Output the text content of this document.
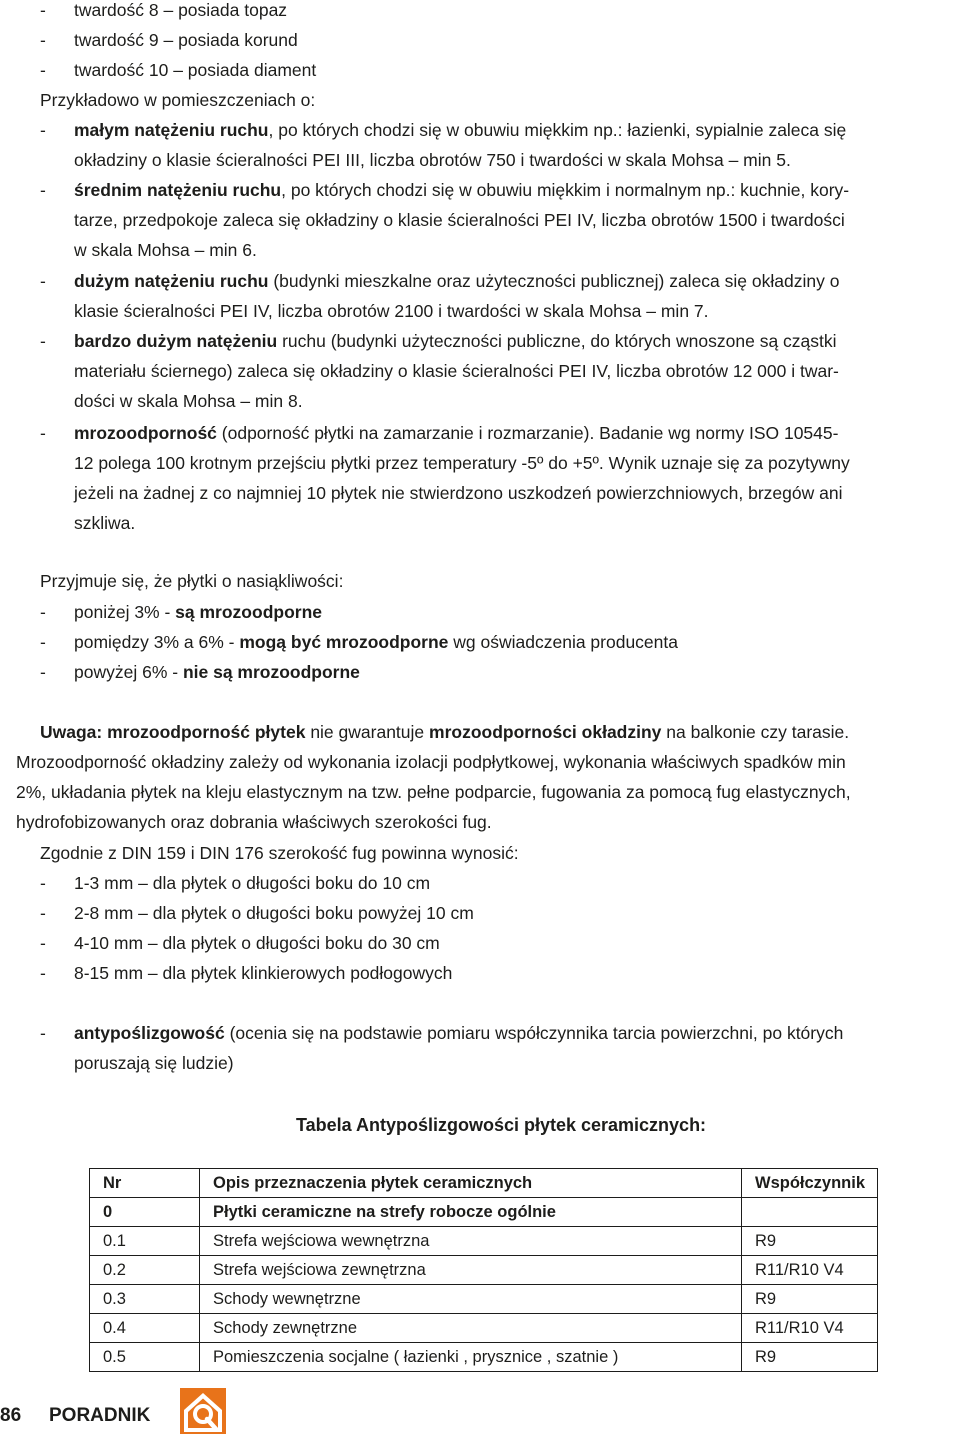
- twardość 8 – posiada topaz
- twardość 9 – posiada korund
- twardość 10 – posiada diament
Przykładowo w pomieszczeniach o:
- małym natężeniu ruchu, po których chodzi się w obuwiu miękkim np.: łazienki, sypialnie zaleca się
okładziny o klasie ścieralności PEI III, liczba obrotów 750 i twardości w skala Mohsa – min 5.
- średnim natężeniu ruchu, po których chodzi się w obuwiu miękkim i normalnym np.: kuchnie, kory-
tarze, przedpokoje zaleca się okładziny o klasie ścieralności PEI IV, liczba obrotów 1500 i twardości
w skala Mohsa – min 6.
- dużym natężeniu ruchu (budynki mieszkalne oraz użyteczności publicznej) zaleca się okładziny o
klasie ścieralności PEI IV, liczba obrotów 2100 i twardości w skala Mohsa – min 7.
- bardzo dużym natężeniu ruchu (budynki użyteczności publiczne, do których wnoszone są cząstki
materiału ściernego) zaleca się okładziny o klasie ścieralności PEI IV, liczba obrotów 12 000 i twar-
dości w skala Mohsa – min 8.
- mrozoodporność (odporność płytki na zamarzanie i rozmarzanie). Badanie wg normy ISO 10545-
12 polega 100 krotnym przejściu płytki przez temperatury -5º do +5º. Wynik uznaje się za pozytywny
jeżeli na żadnej z co najmniej 10 płytek nie stwierdzono uszkodzeń powierzchniowych, brzegów ani
szkliwa.
Przyjmuje się, że płytki o nasiąkliwości:
- poniżej 3% - są mrozoodporne
- pomiędzy 3% a 6% - mogą być mrozoodporne wg oświadczenia producenta
- powyżej 6% - nie są mrozoodporne
Uwaga: mrozoodporność płytek nie gwarantuje mrozoodporności okładziny na balkonie czy tarasie.
Mrozoodporność okładziny zależy od wykonania izolacji podpłytkowej, wykonania właściwych spadków min
2%, układania płytek na kleju elastycznym na tzw. pełne podparcie, fugowania za pomocą fug elastycznych,
hydrofobizowanych oraz dobrania właściwych szerokości fug.
Zgodnie z DIN 159 i DIN 176 szerokość fug powinna wynosić:
- 1-3 mm – dla płytek o długości boku do 10 cm
- 2-8 mm – dla płytek o długości boku powyżej 10 cm
- 4-10 mm – dla płytek o długości boku do 30 cm
- 8-15 mm – dla płytek klinkierowych podłogowych
- antypoślizgowość (ocenia się na podstawie pomiaru współczynnika tarcia powierzchni, po których
poruszają się ludzie)
Tabela Antypoślizgowości płytek ceramicznych:
Nr	Opis przeznaczenia płytek ceramicznych	Współczynnik
0	Płytki ceramiczne na strefy robocze ogólnie	
0.1	Strefa wejściowa wewnętrzna	R9
0.2	Strefa wejściowa zewnętrzna	R11/R10 V4
0.3	Schody wewnętrzne	R9
0.4	Schody zewnętrzne	R11/R10 V4
0.5	Pomieszczenia socjalne ( łazienki , prysznice , szatnie )	R9
86 PORADNIK
